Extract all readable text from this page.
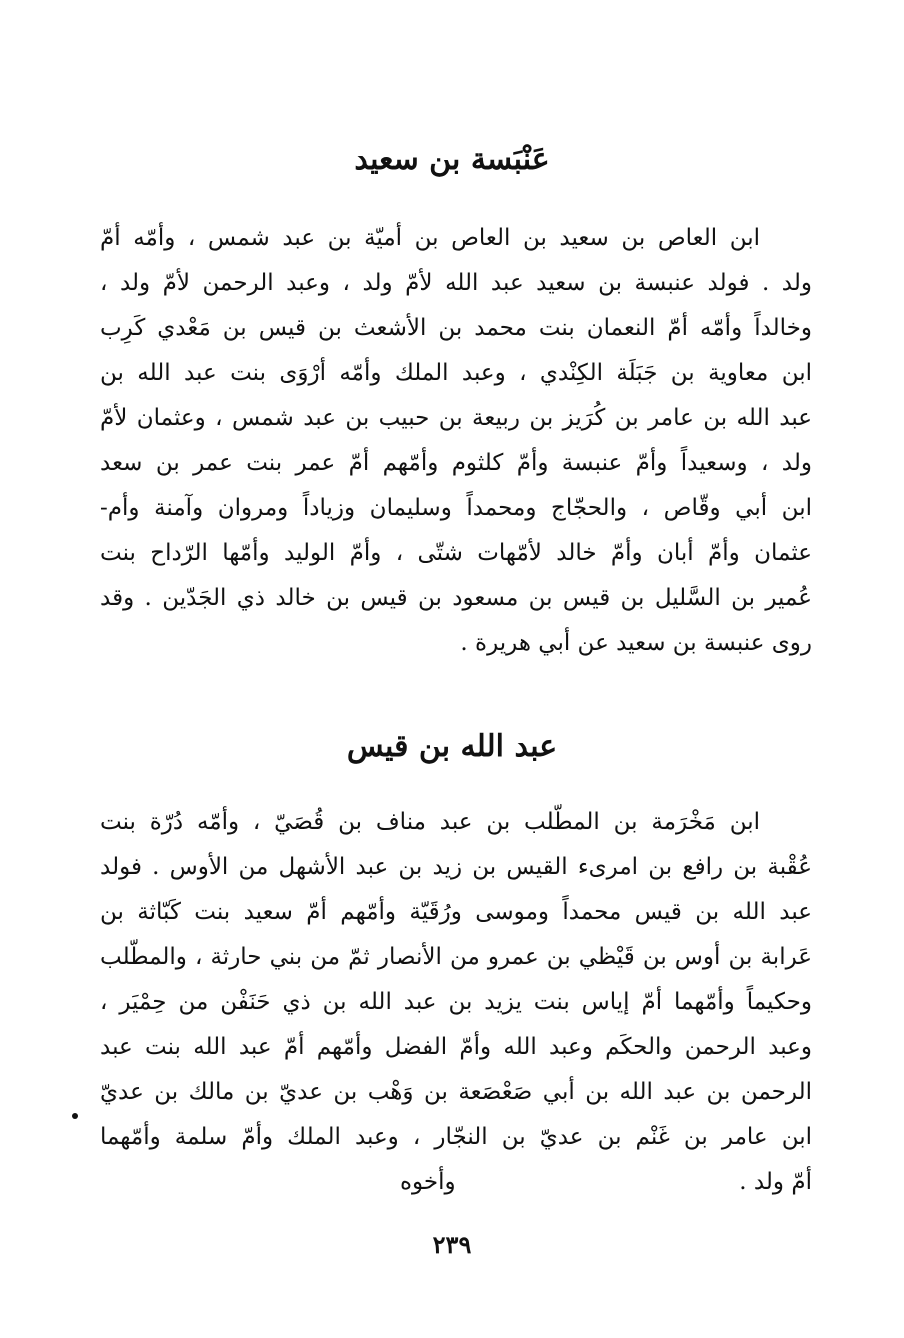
عَنْبَسة بن سعيد
ابن العاص بن سعيد بن العاص بن أميّة بن عبد شمس ، وأمّه أمّ
ولد . فولد عنبسة بن سعيد عبد الله لأمّ ولد ، وعبد الرحمن لأمّ ولد ،
وخالداً وأمّه أمّ النعمان بنت محمد بن الأشعث بن قيس بن مَعْدي كَرِب
ابن معاوية بن جَبَلَة الكِنْدي ، وعبد الملك وأمّه أرْوَى بنت عبد الله بن
عبد الله بن عامر بن كُرَيز بن ربيعة بن حبيب بن عبد شمس ، وعثمان لأمّ
ولد ، وسعيداً وأمّ عنبسة وأمّ كلثوم وأمّهم أمّ عمر بنت عمر بن سعد
ابن أبي وقّاص ، والحجّاج ومحمداً وسليمان وزياداً ومروان وآمنة وأم-
عثمان وأمّ أبان وأمّ خالد لأمّهات شتّى ، وأمّ الوليد وأمّها الرّداح بنت
عُمير بن السَّليل بن قيس بن مسعود بن قيس بن خالد ذي الجَدّين . وقد
روى عنبسة بن سعيد عن أبي هريرة .
عبد الله بن قيس
ابن مَخْرَمة بن المطّلب بن عبد مناف بن قُصَيّ ، وأمّه دُرّة بنت
عُقْبة بن رافع بن امرىء القيس بن زيد بن عبد الأشهل من الأوس . فولد
عبد الله بن قيس محمداً وموسى ورُقَيّة وأمّهم أمّ سعيد بنت كَبّاثة بن
عَرابة بن أوس بن قَيْظي بن عمرو من الأنصار ثمّ من بني حارثة ، والمطّلب
وحكيماً وأمّهما أمّ إياس بنت يزيد بن عبد الله بن ذي حَنَفْن من حِمْيَر ،
وعبد الرحمن والحكَم وعبد الله وأمّ الفضل وأمّهم أمّ عبد الله بنت عبد
الرحمن بن عبد الله بن أبي صَعْصَعة بن وَهْب بن عديّ بن مالك بن عديّ
ابن عامر بن غَنْم بن عديّ بن النجّار ، وعبد الملك وأمّ سلمة وأمّهما
أمّ ولد .
وأخوه
٢٣٩
